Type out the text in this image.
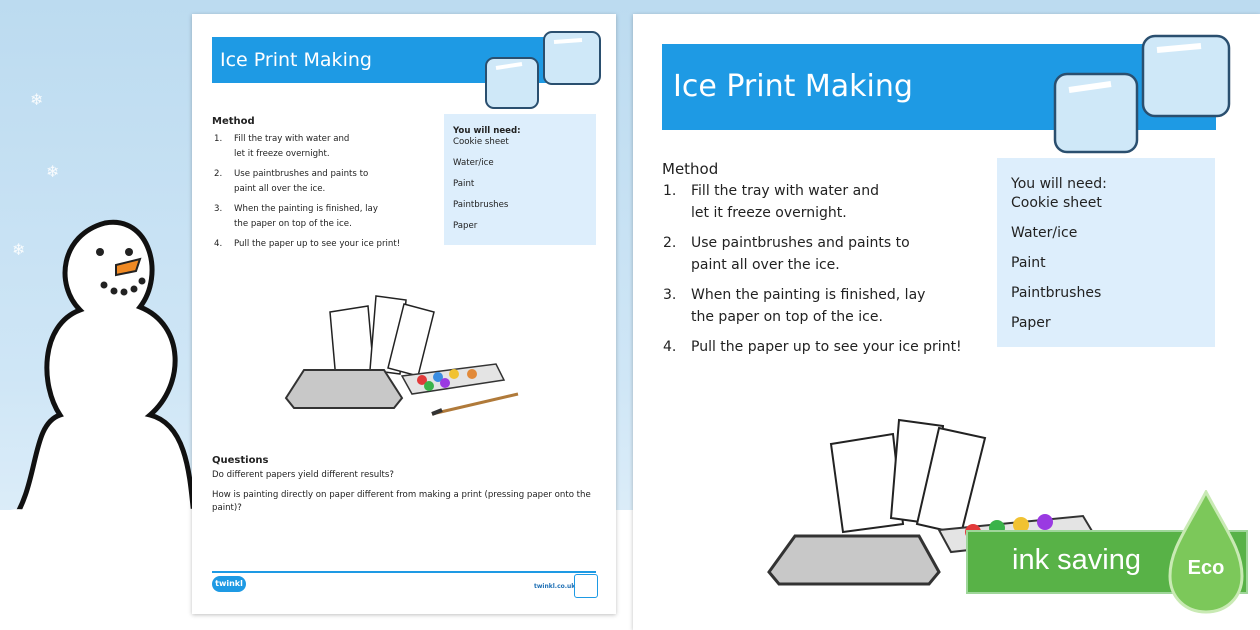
❄
❄
❄
Ice Print Making
Method
1.	Fill the tray with water and
let it freeze overnight.
2.	Use paintbrushes and paints to
paint all over the ice.
3.	When the painting is finished, lay
the paper on top of the ice.
4.	Pull the paper up to see your ice print!
You will need:
Cookie sheet
Water/ice
Paint
Paintbrushes
Paper
Questions

Do different papers yield different results?

How is painting directly on paper different from making a print (pressing paper onto the paint)?

twinkl	twinkl.co.uk
Ice Print Making
Method
1.	Fill the tray with water and
let it freeze overnight.
2.	Use paintbrushes and paints to
paint all over the ice.
3.	When the painting is finished, lay
the paper on top of the ice.
4.	Pull the paper up to see your ice print!
You will need:
Cookie sheet
Water/ice
Paint
Paintbrushes
Paper
ink saving Eco
